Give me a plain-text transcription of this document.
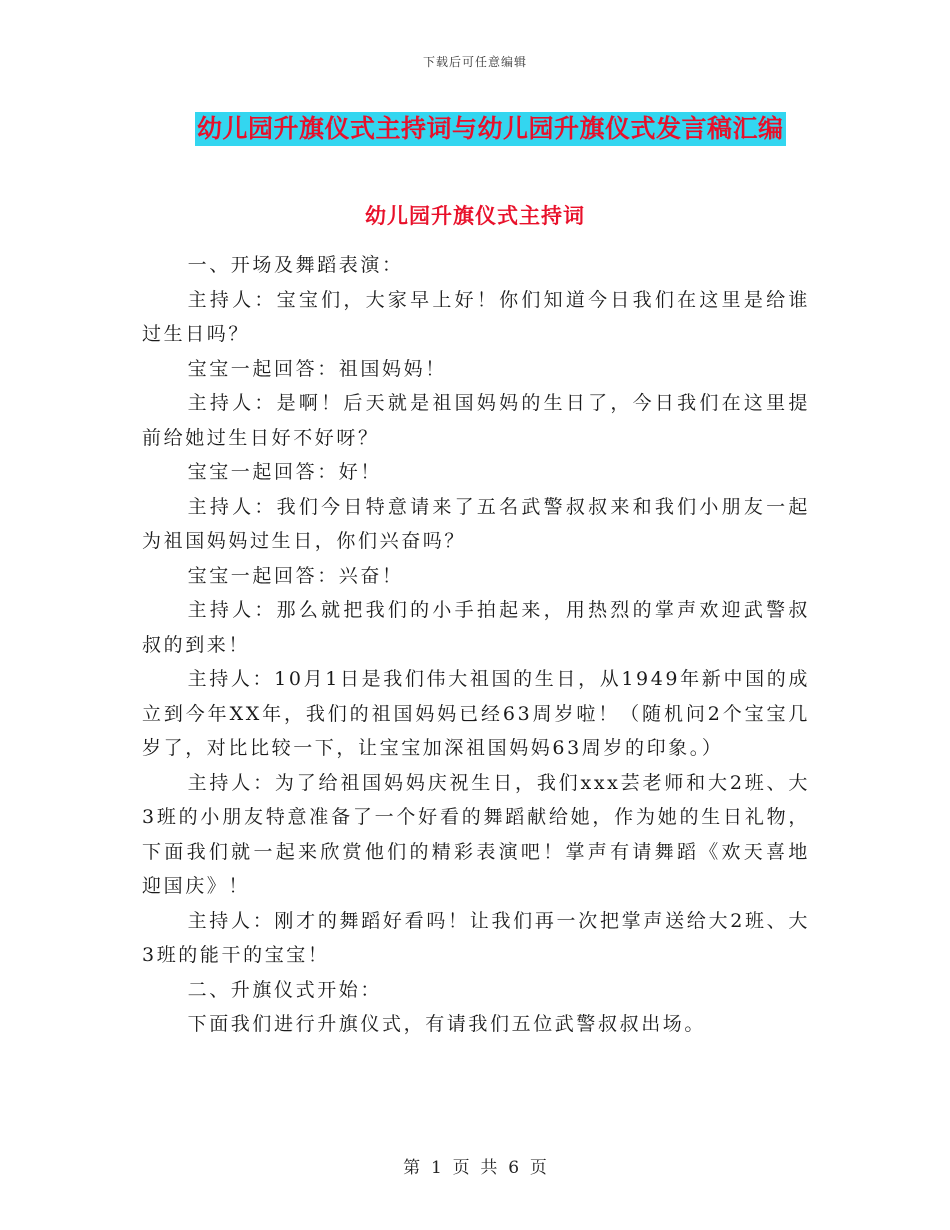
下载后可任意编辑
幼儿园升旗仪式主持词与幼儿园升旗仪式发言稿汇编
幼儿园升旗仪式主持词

一、开场及舞蹈表演：

主持人：宝宝们，大家早上好！你们知道今日我们在这里是给谁过生日吗？

宝宝一起回答：祖国妈妈！

主持人：是啊！后天就是祖国妈妈的生日了，今日我们在这里提前给她过生日好不好呀？

宝宝一起回答：好！

主持人：我们今日特意请来了五名武警叔叔来和我们小朋友一起为祖国妈妈过生日，你们兴奋吗？

宝宝一起回答：兴奋！

主持人：那么就把我们的小手拍起来，用热烈的掌声欢迎武警叔叔的到来！

主持人：10月1日是我们伟大祖国的生日，从1949年新中国的成立到今年XX年，我们的祖国妈妈已经63周岁啦！（随机问2个宝宝几岁了，对比比较一下，让宝宝加深祖国妈妈63周岁的印象。）

主持人：为了给祖国妈妈庆祝生日，我们xxx芸老师和大2班、大3班的小朋友特意准备了一个好看的舞蹈献给她，作为她的生日礼物，下面我们就一起来欣赏他们的精彩表演吧！掌声有请舞蹈《欢天喜地迎国庆》！

主持人：刚才的舞蹈好看吗！让我们再一次把掌声送给大2班、大3班的能干的宝宝！

二、升旗仪式开始：

下面我们进行升旗仪式，有请我们五位武警叔叔出场。

第  1  页  共  6  页
